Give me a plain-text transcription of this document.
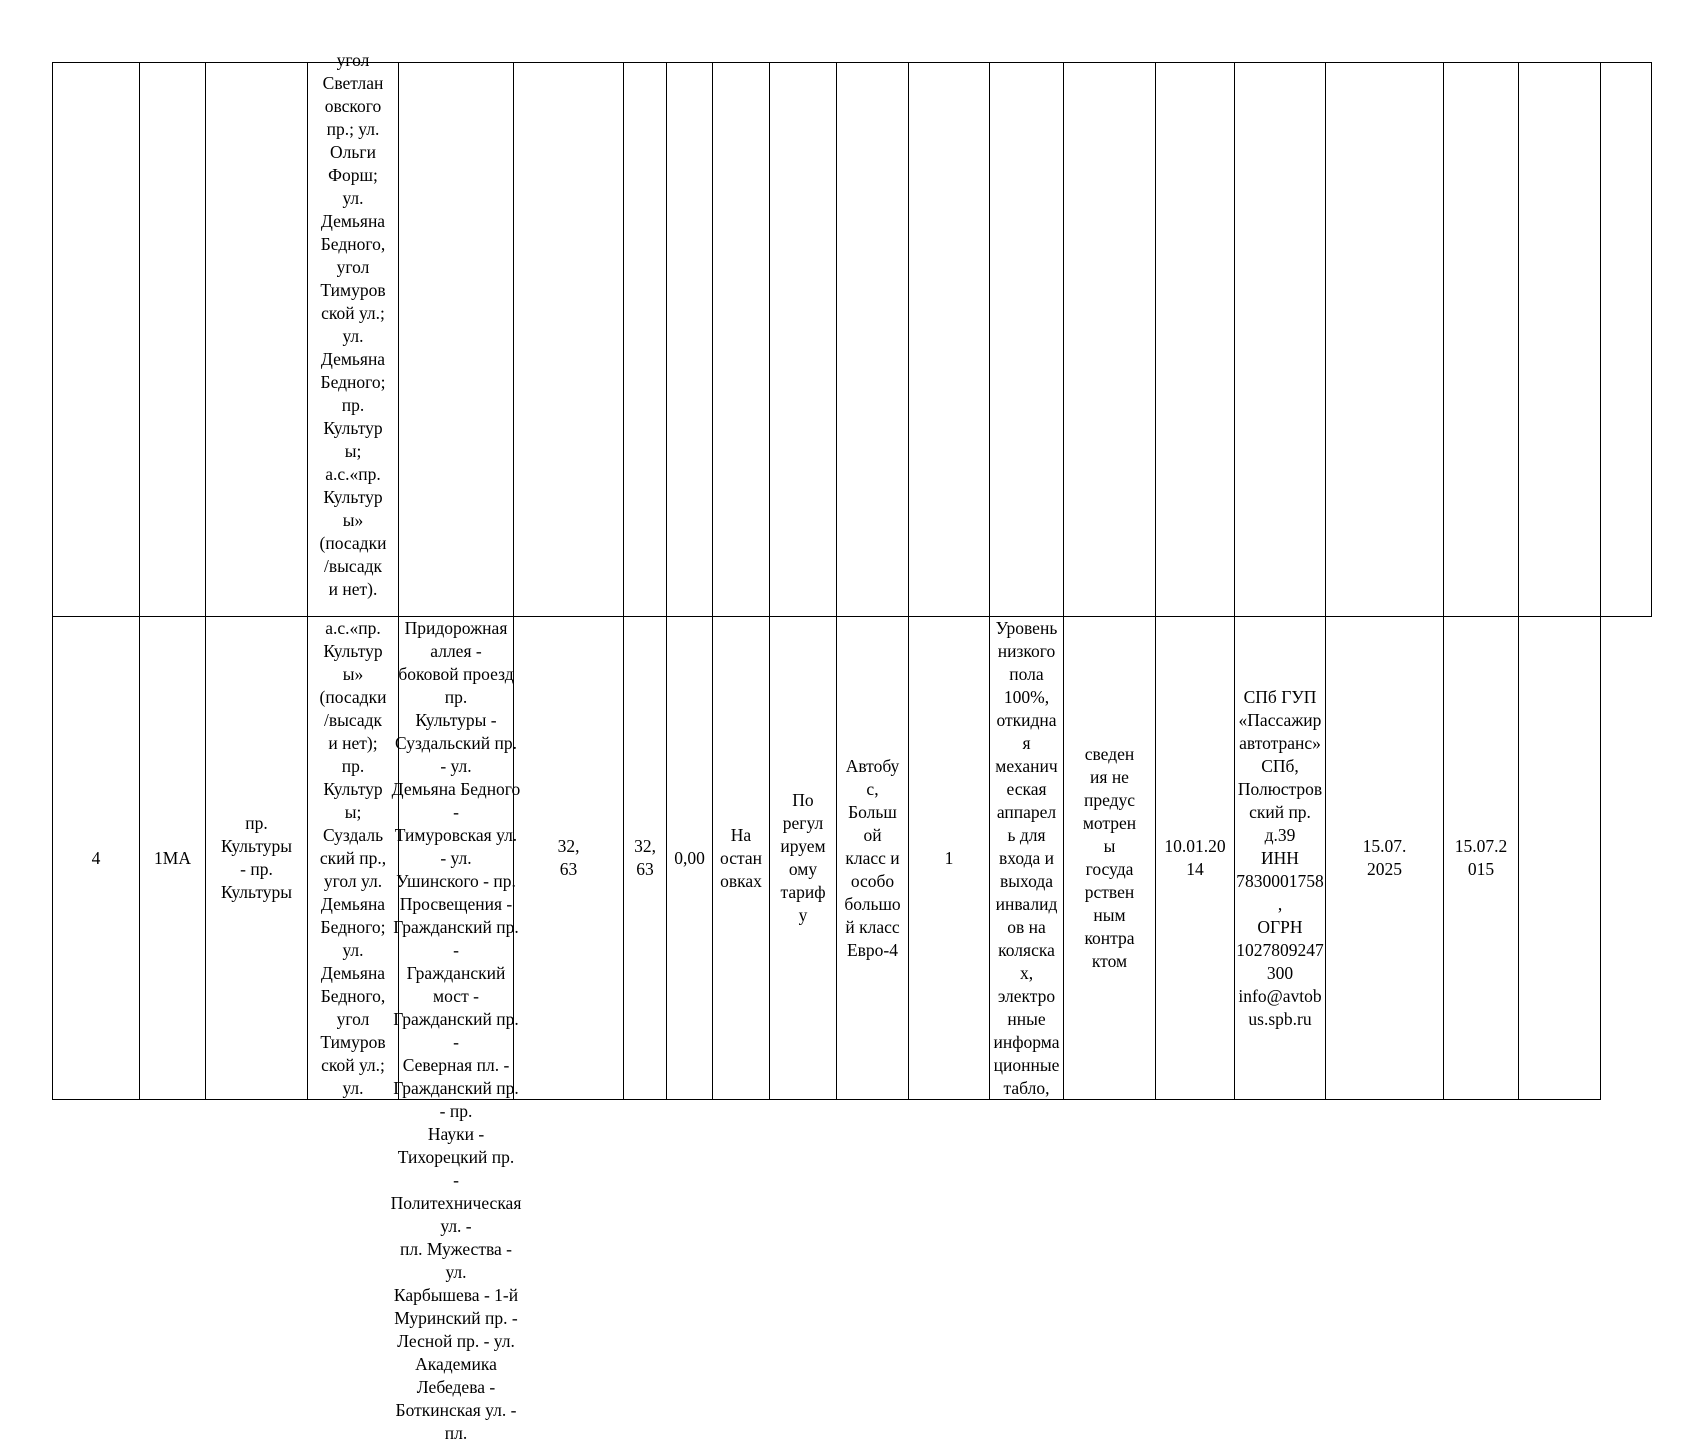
угол
Светлан
овского
пр.; ул.
Ольги
Форш;
ул.
Демьяна
Бедного,
угол
Тимуров
ской ул.;
ул.
Демьяна
Бедного;
пр.
Культур
ы;
а.с.«пр.
Культур
ы»
(посадки
/высадк
и нет).
4	1МА
пр.
Культуры
- пр.
Культуры
а.с.«пр.
Культур
ы»
(посадки
/высадк
и нет);
пр.
Культур
ы;
Суздаль
ский пр.,
угол ул.
Демьяна
Бедного;
ул.
Демьяна
Бедного,
угол
Тимуров
ской ул.;
ул.
Придорожная аллея -
боковой проезд пр.
Культуры -
Суздальский пр. - ул.
Демьяна Бедного -
Тимуровская ул. - ул.
Ушинского - пр.
Просвещения -
Гражданский пр. -
Гражданский мост -
Гражданский пр. -
Северная пл. -
Гражданский пр. - пр.
Науки - Тихорецкий пр.
- Политехническая ул. -
пл. Мужества - ул.
Карбышева - 1-й
Муринский пр. -
Лесной пр. - ул.
Академика Лебедева -
Боткинская ул. - пл.
32,
63
32,
63
0,00
На
остан
овках
По
регул
ируем
ому
тариф
у
Автобу
с,
Больш
ой
класс и
особо
большо
й класс
Евро-4
1
Уровень
низкого
пола
100%,
откидна
я
механич
еская
аппарел
ь для
входа и
выхода
инвалид
ов на
коляска
х,
электро
нные
информа
ционные
табло,
сведен
ия не
предус
мотрен
ы
госуда
рствен
ным
контра
ктом
10.01.20
14
СПб ГУП
«Пассажир
автотранс»
СПб,
Полюстров
ский пр.
д.39
ИНН
7830001758
,
ОГРН
1027809247
300
info@avtob
us.spb.ru
15.07.
2025
15.07.2
015
